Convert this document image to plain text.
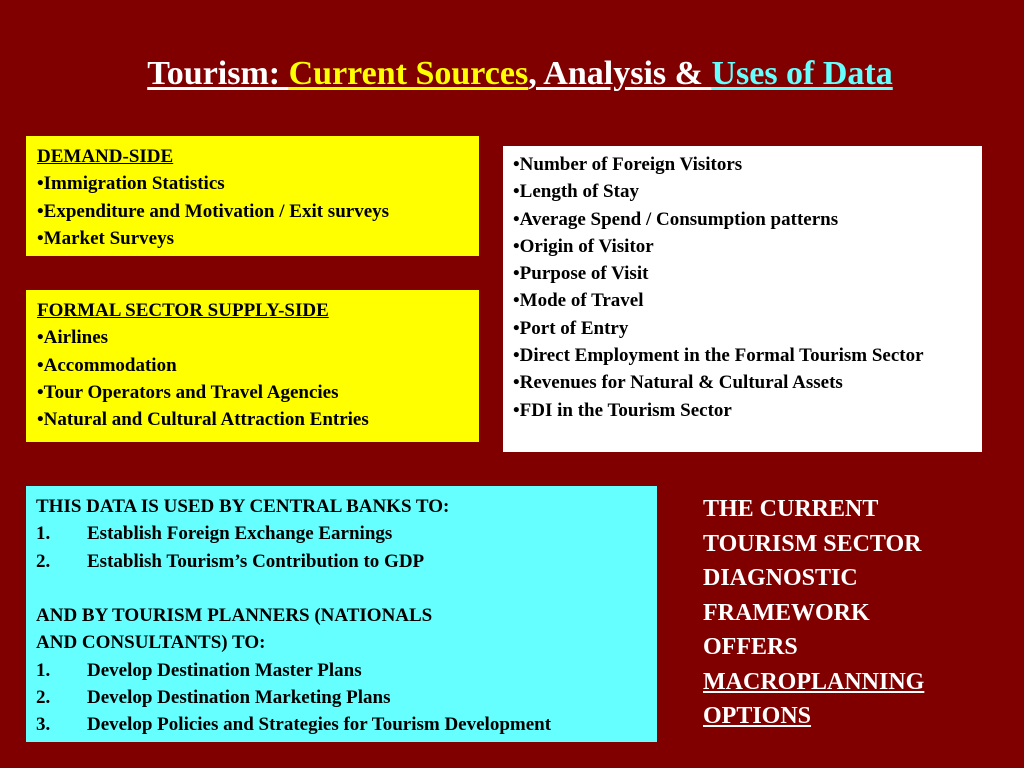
Tourism: Current Sources, Analysis & Uses of Data
DEMAND-SIDE
•Immigration Statistics
•Expenditure and Motivation / Exit surveys
•Market Surveys
FORMAL SECTOR SUPPLY-SIDE
•Airlines
•Accommodation
•Tour Operators and Travel Agencies
•Natural and Cultural Attraction Entries
•Number of Foreign Visitors
•Length of Stay
•Average Spend / Consumption patterns
•Origin of Visitor
•Purpose of Visit
•Mode of Travel
•Port of Entry
•Direct Employment in the Formal Tourism Sector
•Revenues for Natural & Cultural Assets
•FDI in the Tourism Sector
THIS DATA IS USED BY CENTRAL BANKS TO:
1. Establish Foreign Exchange Earnings
2. Establish Tourism’s Contribution to GDP
AND BY TOURISM PLANNERS (NATIONALS
AND CONSULTANTS) TO:
1. Develop Destination Master Plans
2. Develop Destination Marketing Plans
3. Develop Policies and Strategies for Tourism Development
THE CURRENT
TOURISM SECTOR
DIAGNOSTIC
FRAMEWORK
OFFERS
MACROPLANNING
OPTIONS
